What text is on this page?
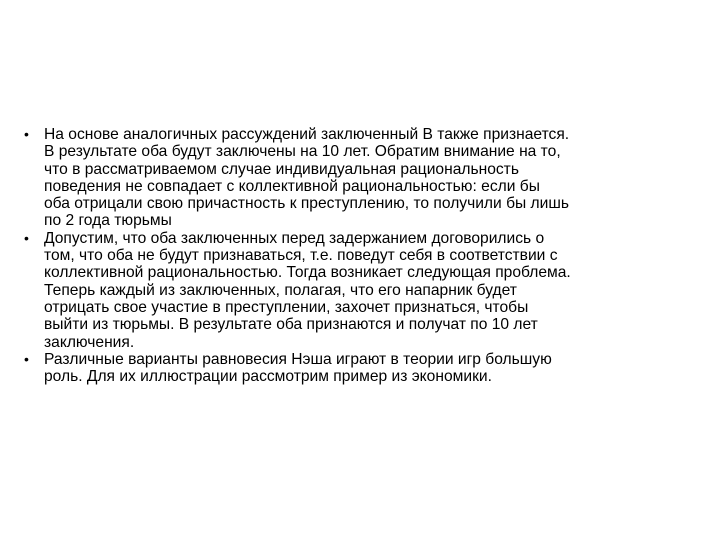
• На основе аналогичных рассуждений заключенный B также признается.
В результате оба будут заключены на 10 лет. Обратим внимание на то,
что в рассматриваемом случае индивидуальная рациональность
поведения не совпадает с коллективной рациональностью: если бы
оба отрицали свою причастность к преступлению, то получили бы лишь
по 2 года тюрьмы
• Допустим, что оба заключенных перед задержанием договорились о
том, что оба не будут признаваться, т.е. поведут себя в соответствии с
коллективной рациональностью. Тогда возникает следующая проблема.
Теперь каждый из заключенных, полагая, что его напарник будет
отрицать свое участие в преступлении, захочет признаться, чтобы
выйти из тюрьмы. В результате оба признаются и получат по 10 лет
заключения.
• Различные варианты равновесия Нэша играют в теории игр большую
роль. Для их иллюстрации рассмотрим пример из экономики.
